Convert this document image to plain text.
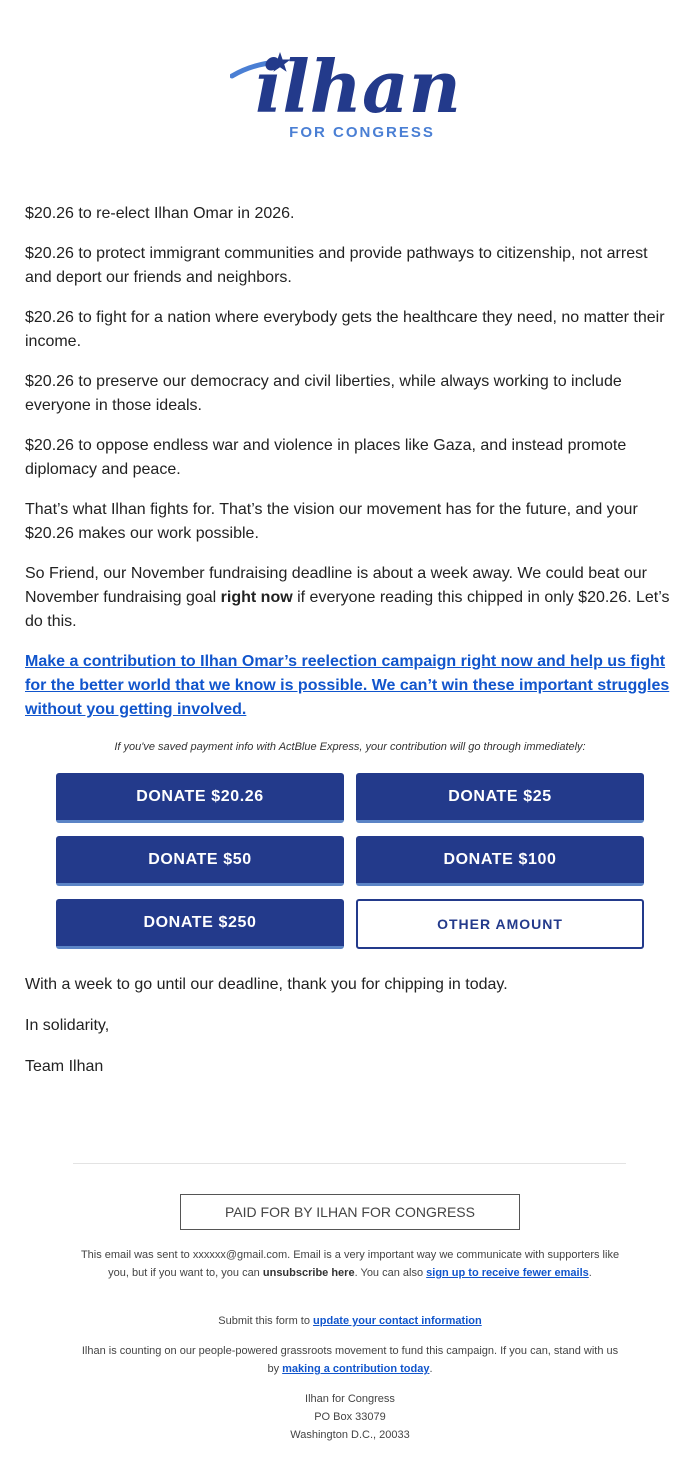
ilhan
FOR CONGRESS

$20.26 to re-elect Ilhan Omar in 2026.

$20.26 to protect immigrant communities and provide pathways to citizenship, not arrest and deport our friends and neighbors.

$20.26 to fight for a nation where everybody gets the healthcare they need, no matter their income.

$20.26 to preserve our democracy and civil liberties, while always working to include everyone in those ideals.

$20.26 to oppose endless war and violence in places like Gaza, and instead promote diplomacy and peace.

That’s what Ilhan fights for. That’s the vision our movement has for the future, and your $20.26 makes our work possible.

So Friend, our November fundraising deadline is about a week away. We could beat our November fundraising goal right now if everyone reading this chipped in only $20.26. Let’s do this.

Make a contribution to Ilhan Omar’s reelection campaign right now and help us fight for the better world that we know is possible. We can’t win these important struggles without you getting involved.
If you've saved payment info with ActBlue Express, your contribution will go through immediately:
DONATE $20.26	DONATE $25
DONATE $50	DONATE $100
DONATE $250	OTHER AMOUNT

With a week to go until our deadline, thank you for chipping in today.

In solidarity,

Team Ilhan

PAID FOR BY ILHAN FOR CONGRESS
This email was sent to xxxxxx@gmail.com. Email is a very important way we communicate with supporters like you, but if you want to, you can unsubscribe here. You can also sign up to receive fewer emails.
Submit this form to update your contact information
Ilhan is counting on our people-powered grassroots movement to fund this campaign. If you can, stand with us by making a contribution today.
Ilhan for Congress
PO Box 33079
Washington D.C., 20033
